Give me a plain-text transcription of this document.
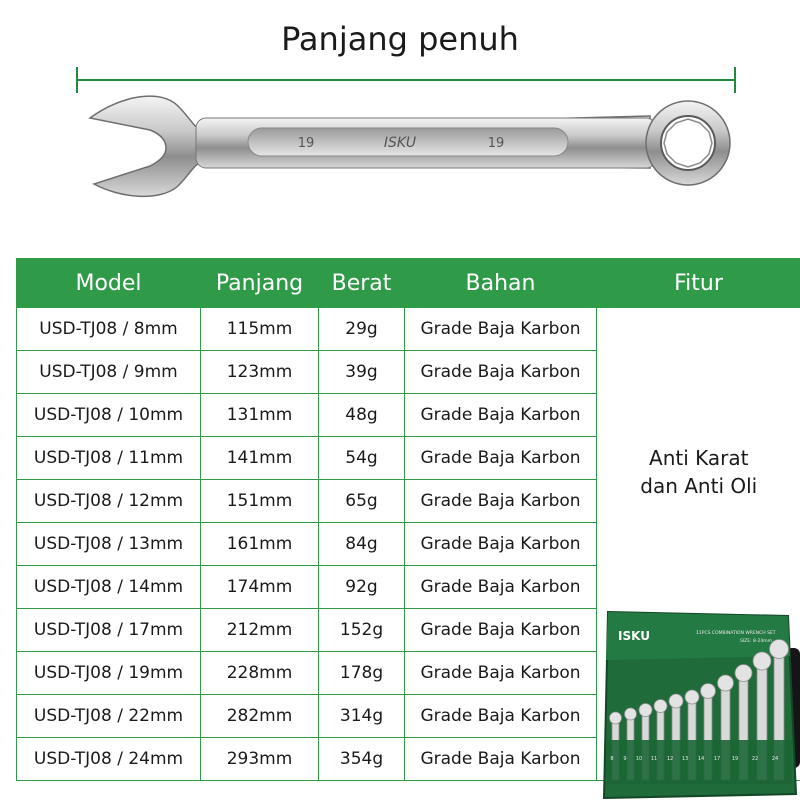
Panjang penuh
19	ISKU	19
Model	Panjang	Berat	Bahan	Fitur
USD-TJ08 / 8mm	115mm	29g	Grade Baja Karbon	Anti Karat
dan Anti Oli

USD-TJ08 / 9mm	123mm	39g	Grade Baja Karbon	
USD-TJ08 / 10mm	131mm	48g	Grade Baja Karbon	
USD-TJ08 / 11mm	141mm	54g	Grade Baja Karbon	
USD-TJ08 / 12mm	151mm	65g	Grade Baja Karbon	
USD-TJ08 / 13mm	161mm	84g	Grade Baja Karbon	
USD-TJ08 / 14mm	174mm	92g	Grade Baja Karbon	
USD-TJ08 / 17mm	212mm	152g	Grade Baja Karbon	
USD-TJ08 / 19mm	228mm	178g	Grade Baja Karbon	
USD-TJ08 / 22mm	282mm	314g	Grade Baja Karbon	
USD-TJ08 / 24mm	293mm	354g	Grade Baja Karbon	
ISKU	11PCS COMBINATION WRENCH SET
SIZE: 8-24mm
8 9 10 11 12 13 14 17 19	22	24
